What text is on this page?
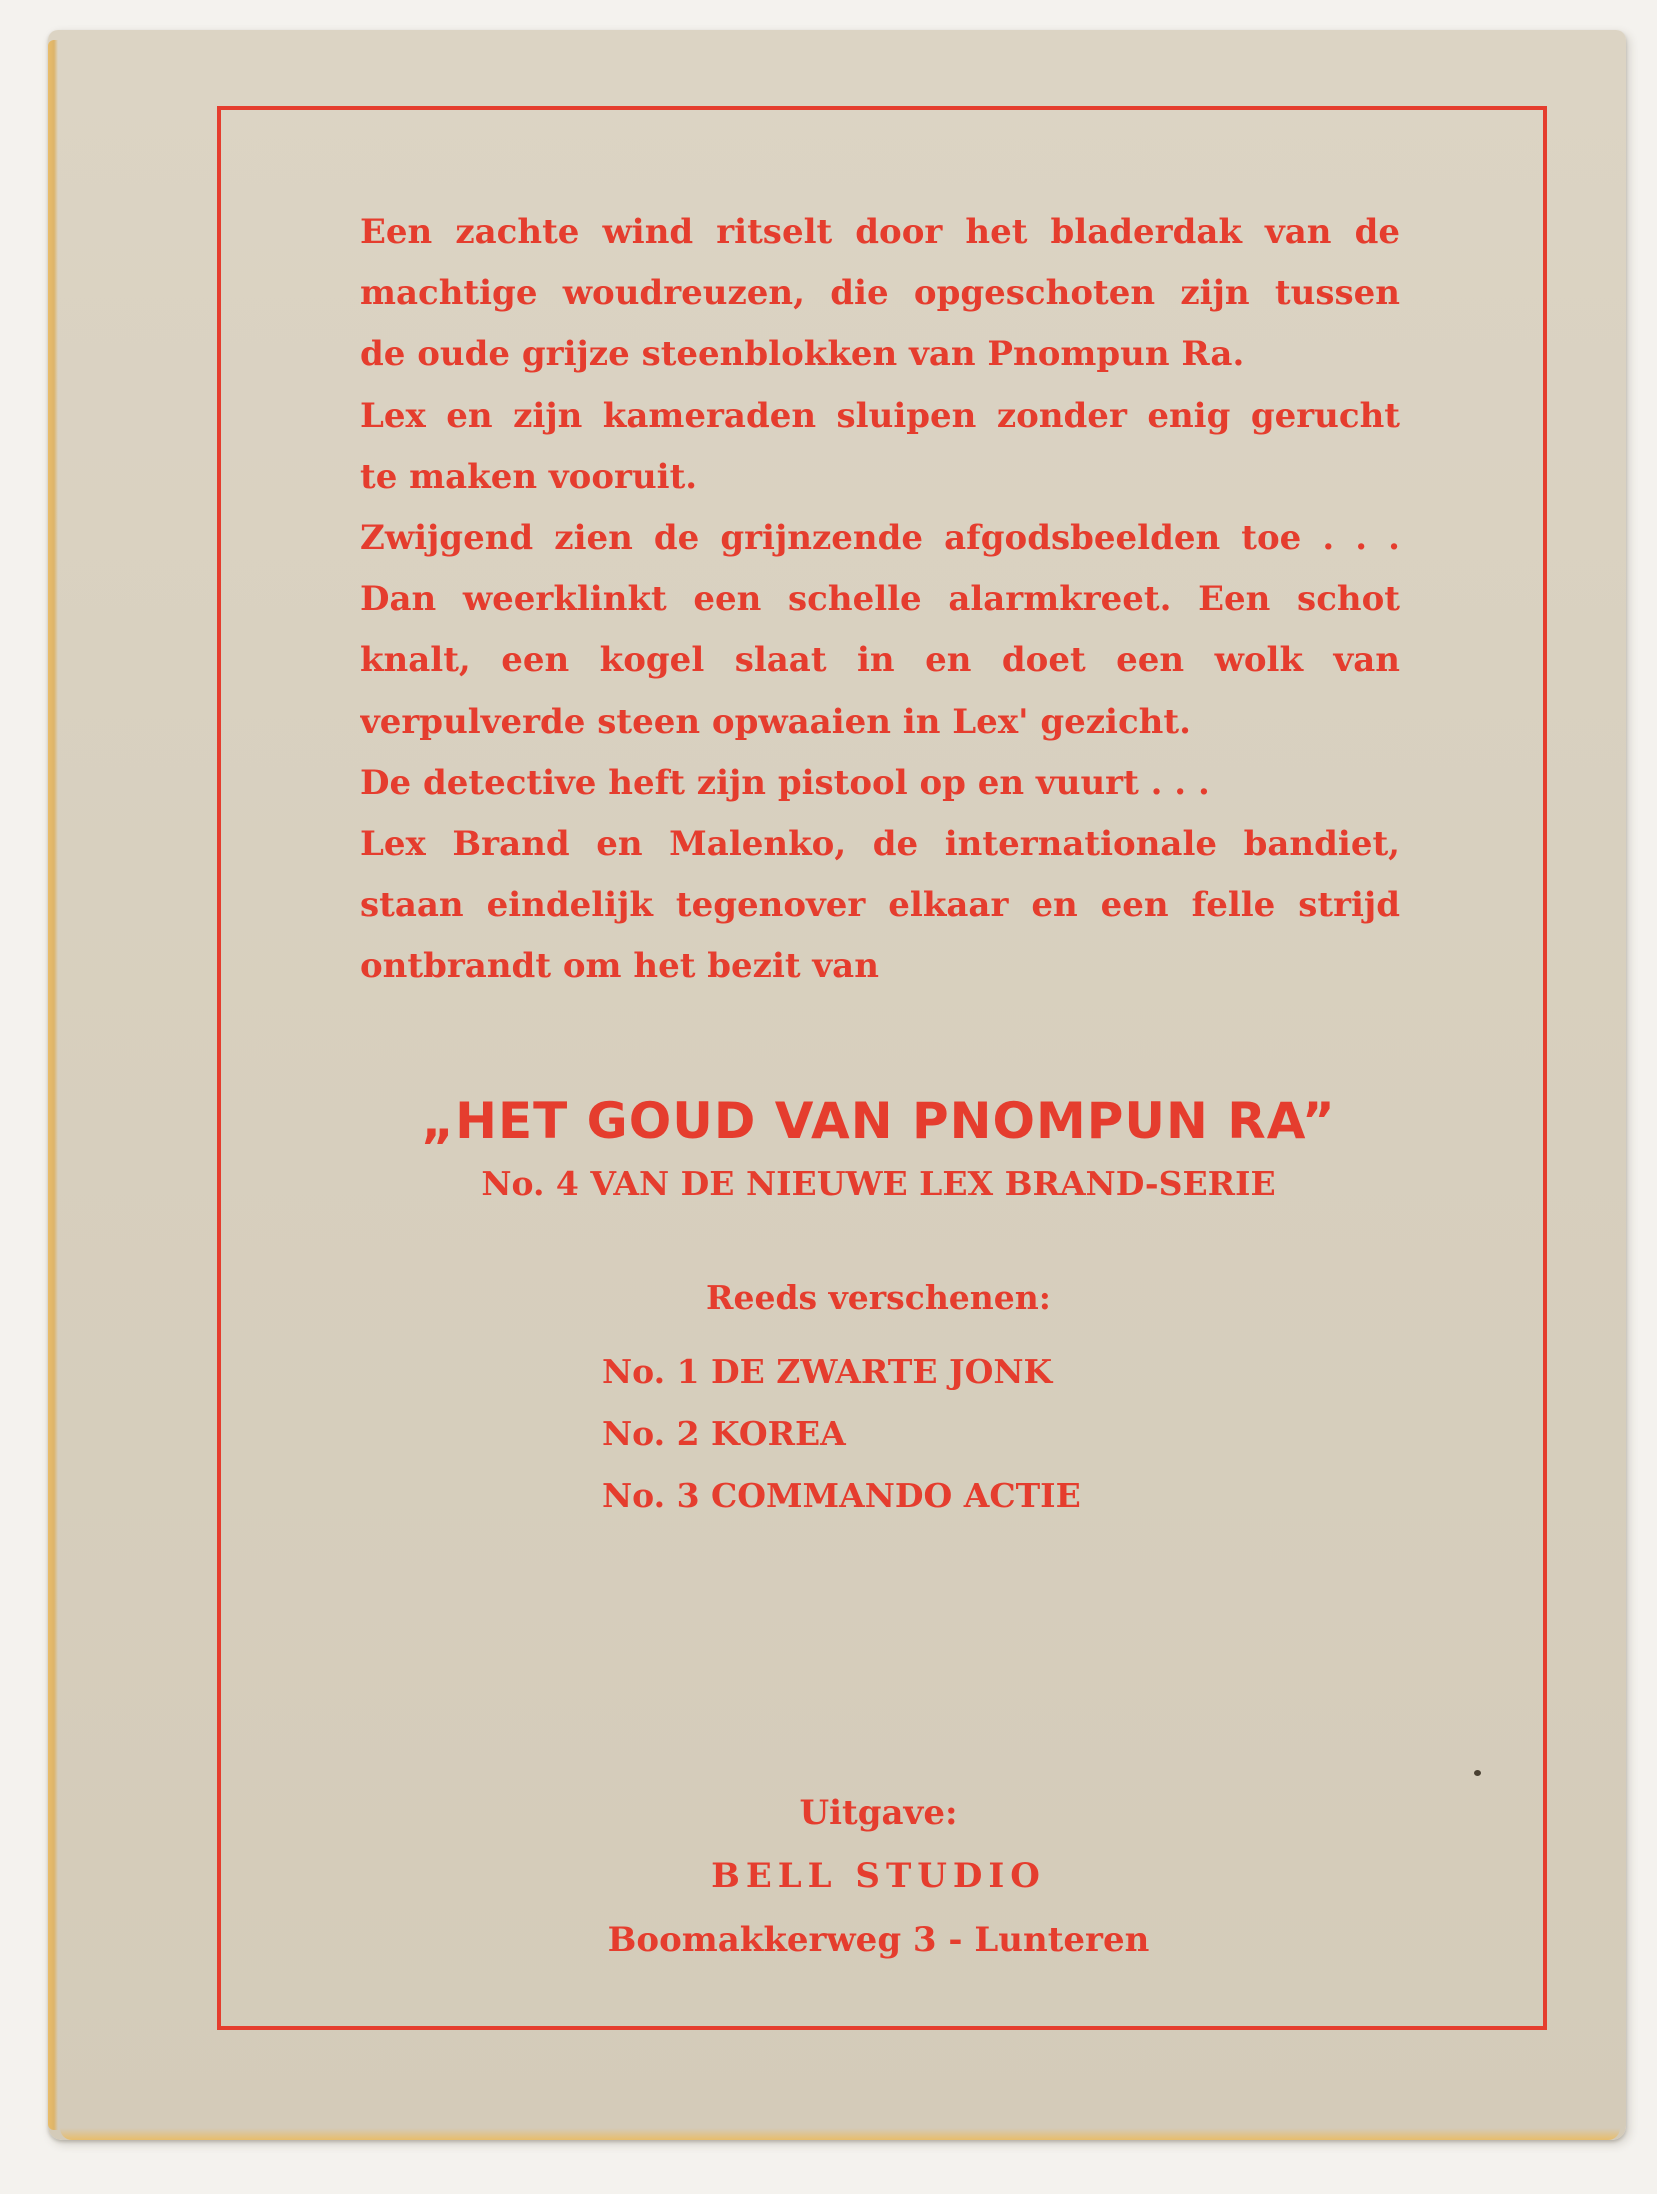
Een zachte wind ritselt door het bladerdak van de
machtige woudreuzen, die opgeschoten zijn tussen
de oude grijze steenblokken van Pnompun Ra.
Lex en zijn kameraden sluipen zonder enig gerucht
te maken vooruit.
Zwijgend zien de grijnzende afgodsbeelden toe . . .
Dan weerklinkt een schelle alarmkreet. Een schot
knalt, een kogel slaat in en doet een wolk van
verpulverde steen opwaaien in Lex' gezicht.
De detective heft zijn pistool op en vuurt . . .
Lex Brand en Malenko, de internationale bandiet,
staan eindelijk tegenover elkaar en een felle strijd
ontbrandt om het bezit van
„HET GOUD VAN PNOMPUN RA”
No. 4 VAN DE NIEUWE LEX BRAND-SERIE
Reeds verschenen:
No. 1 DE ZWARTE JONK
No. 2 KOREA
No. 3 COMMANDO ACTIE
Uitgave:
BELL STUDIO
Boomakkerweg 3 - Lunteren
